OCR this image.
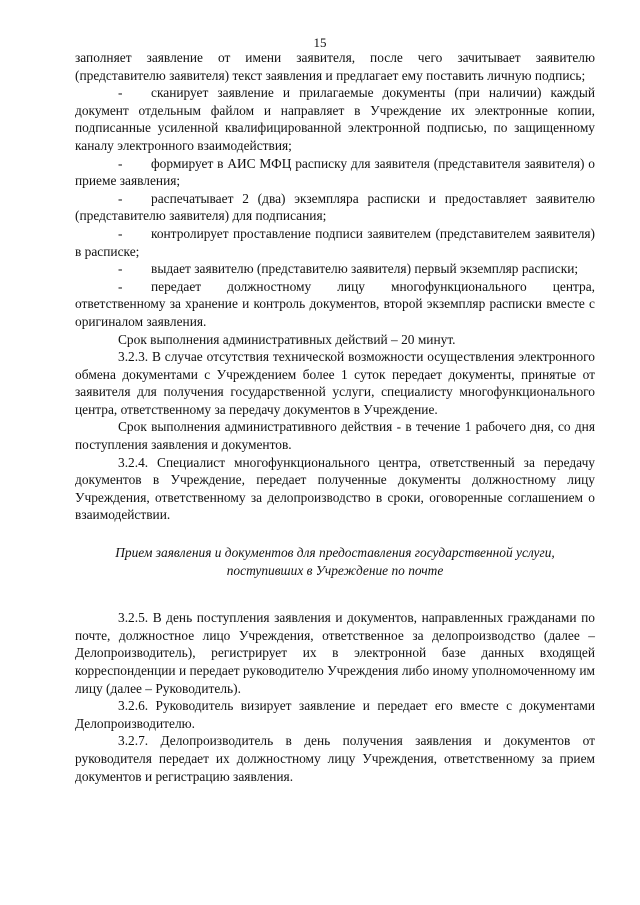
15

заполняет заявление от имени заявителя, после чего зачитывает заявителю (представителю заявителя) текст заявления и предлагает ему поставить личную подпись;

- сканирует заявление и прилагаемые документы (при наличии) каждый документ отдельным файлом и направляет в Учреждение их электронные копии, подписанные усиленной квалифицированной электронной подписью, по защищенному каналу электронного взаимодействия;

- формирует в АИС МФЦ расписку для заявителя (представителя заявителя) о приеме заявления;

- распечатывает 2 (два) экземпляра расписки и предоставляет заявителю (представителю заявителя) для подписания;

- контролирует проставление подписи заявителем (представителем заявителя) в расписке;

- выдает заявителю (представителю заявителя) первый экземпляр расписки;

- передает должностному лицу многофункционального центра, ответственному за хранение и контроль документов, второй экземпляр расписки вместе с оригиналом заявления.

Срок выполнения административных действий – 20 минут.

3.2.3. В случае отсутствия технической возможности осуществления электронного обмена документами с Учреждением более 1 суток передает документы, принятые от заявителя для получения государственной услуги, специалисту многофункционального центра, ответственному за передачу документов в Учреждение.

Срок выполнения административного действия - в течение 1 рабочего дня, со дня поступления заявления и документов.

3.2.4. Специалист многофункционального центра, ответственный за передачу документов в Учреждение, передает полученные документы должностному лицу Учреждения, ответственному за делопроизводство в сроки, оговоренные соглашением о взаимодействии.

Прием заявления и документов для предоставления государственной услуги,
поступивших в Учреждение по почте

3.2.5. В день поступления заявления и документов, направленных гражданами по почте, должностное лицо Учреждения, ответственное за делопроизводство (далее – Делопроизводитель), регистрирует их в электронной базе данных входящей корреспонденции и передает руководителю Учреждения либо иному уполномоченному им лицу (далее – Руководитель).

3.2.6. Руководитель визирует заявление и передает его вместе с документами Делопроизводителю.

3.2.7. Делопроизводитель в день получения заявления и документов от руководителя передает их должностному лицу Учреждения, ответственному за прием документов и регистрацию заявления.
